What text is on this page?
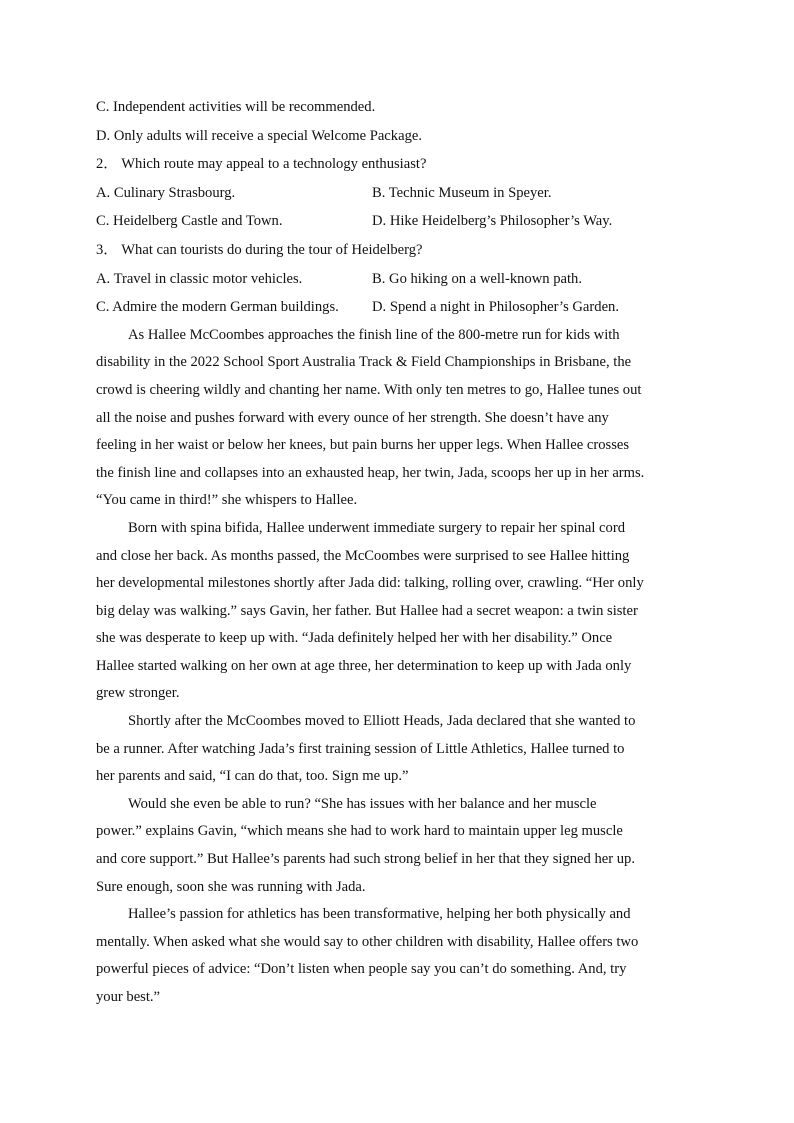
C. Independent activities will be recommended.
D. Only adults will receive a special Welcome Package.
2． Which route may appeal to a technology enthusiast?
A. Culinary Strasbourg.	B. Technic Museum in Speyer.
C. Heidelberg Castle and Town.	D. Hike Heidelberg’s Philosopher’s Way.
3． What can tourists do during the tour of Heidelberg?
A. Travel in classic motor vehicles.	B. Go hiking on a well-known path.
C. Admire the modern German buildings.	D. Spend a night in Philosopher’s Garden.

As Hallee McCoombes approaches the finish line of the 800-metre run for kids with
disability in the 2022 School Sport Australia Track & Field Championships in Brisbane, the
crowd is cheering wildly and chanting her name. With only ten metres to go, Hallee tunes out
all the noise and pushes forward with every ounce of her strength. She doesn’t have any
feeling in her waist or below her knees, but pain burns her upper legs. When Hallee crosses
the finish line and collapses into an exhausted heap, her twin, Jada, scoops her up in her arms.
“You came in third!” she whispers to Hallee.

Born with spina bifida, Hallee underwent immediate surgery to repair her spinal cord
and close her back. As months passed, the McCoombes were surprised to see Hallee hitting
her developmental milestones shortly after Jada did: talking, rolling over, crawling. “Her only
big delay was walking.” says Gavin, her father. But Hallee had a secret weapon: a twin sister
she was desperate to keep up with. “Jada definitely helped her with her disability.” Once
Hallee started walking on her own at age three, her determination to keep up with Jada only
grew stronger.

Shortly after the McCoombes moved to Elliott Heads, Jada declared that she wanted to
be a runner. After watching Jada’s first training session of Little Athletics, Hallee turned to
her parents and said, “I can do that, too. Sign me up.”

Would she even be able to run? “She has issues with her balance and her muscle
power.” explains Gavin, “which means she had to work hard to maintain upper leg muscle
and core support.” But Hallee’s parents had such strong belief in her that they signed her up.
Sure enough, soon she was running with Jada.

Hallee’s passion for athletics has been transformative, helping her both physically and
mentally. When asked what she would say to other children with disability, Hallee offers two
powerful pieces of advice: “Don’t listen when people say you can’t do something. And, try
your best.”
